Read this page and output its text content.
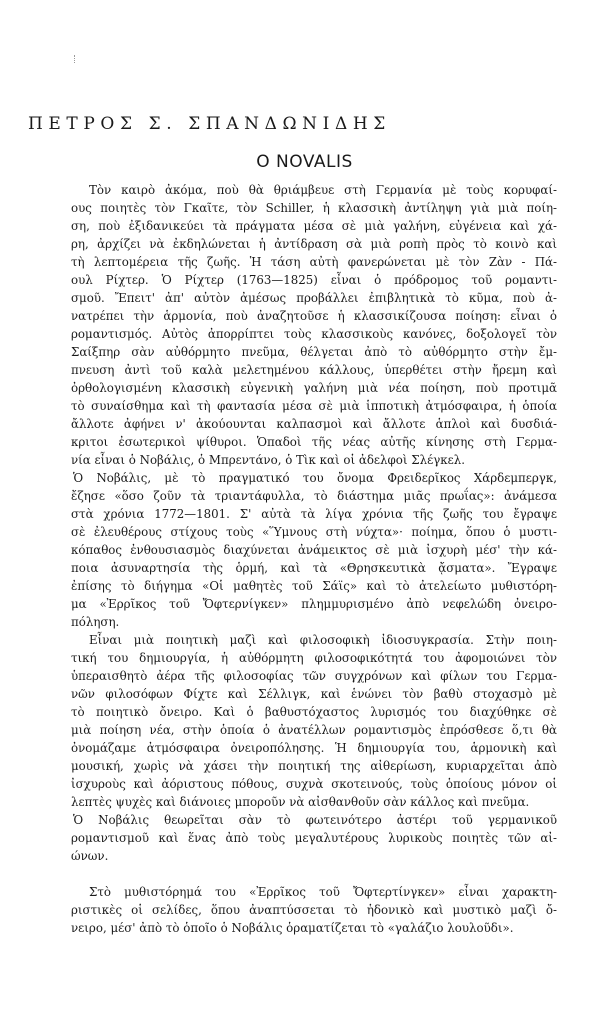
ΠΕΤΡΟΣ Σ. ΣΠΑΝΔΩΝΙΔΗΣ
O NOVALIS
Τὸν καιρὸ ἀκόμα, ποὺ θὰ θριάμβευε στὴ Γερμανία μὲ τοὺς κορυφαί-
ους ποιητὲς τὸν Γκαῖτε, τὸν Schiller, ἡ κλασσικὴ ἀντίληψη γιὰ μιὰ ποίη-
ση, ποὺ ἐξιδανικεύει τὰ πράγματα μέσα σὲ μιὰ γαλήνη, εὐγένεια καὶ χά-
ρη, ἀρχίζει νὰ ἐκδηλώνεται ἡ ἀντίδραση σὰ μιὰ ροπὴ πρὸς τὸ κοινὸ καὶ
τὴ λεπτομέρεια τῆς ζωῆς. Ἡ τάση αὐτὴ φανερώνεται μὲ τὸν Ζὰν - Πά-
ουλ Ρίχτερ. Ὁ Ρίχτερ (1763—1825) εἶναι ὁ πρόδρομος τοῦ ρομαντι-
σμοῦ. Ἔπειτ' ἀπ' αὐτὸν ἀμέσως προβάλλει ἐπιβλητικὰ τὸ κῦμα, ποὺ ἀ-
νατρέπει τὴν ἁρμονία, ποὺ ἀναζητοῦσε ἡ κλασσικίζουσα ποίηση: εἶναι ὁ
ρομαντισμός. Αὐτὸς ἀπορρίπτει τοὺς κλασσικοὺς κανόνες, δοξολογεῖ τὸν
Σαίξπηρ σὰν αὐθόρμητο πνεῦμα, θέλγεται ἀπὸ τὸ αὐθόρμητο στὴν ἔμ-
πνευση ἀντὶ τοῦ καλὰ μελετημένου κάλλους, ὑπερθέτει στὴν ἤρεμη καὶ
ὀρθολογισμένη κλασσικὴ εὐγενικὴ γαλήνη μιὰ νέα ποίηση, ποὺ προτιμᾶ
τὸ συναίσθημα καὶ τὴ φαντασία μέσα σὲ μιὰ ἱπποτικὴ ἀτμόσφαιρα, ἡ ὁποία
ἄλλοτε ἀφήνει ν' ἀκούουνται καλπασμοὶ καὶ ἄλλοτε ἁπλοὶ καὶ δυσδιά-
κριτοι ἐσωτερικοὶ ψίθυροι. Ὁπαδοὶ τῆς νέας αὐτῆς κίνησης στὴ Γερμα-
νία εἶναι ὁ Νοβάλις, ὁ Μπρεντάνο, ὁ Τὶκ καὶ οἱ ἀδελφοὶ Σλέγκελ.
Ὁ Νοβάλις, μὲ τὸ πραγματικό του ὄνομα Φρειδερῖκος Χάρδεμπεργκ,
ἔζησε «ὅσο ζοῦν τὰ τριαντάφυλλα, τὸ διάστημα μιᾶς πρωΐας»: ἀνάμεσα
στὰ χρόνια 1772—1801. Σ' αὐτὰ τὰ λίγα χρόνια τῆς ζωῆς του ἔγραψε
σὲ ἐλευθέρους στίχους τοὺς «Ὕμνους στὴ νύχτα»· ποίημα, ὅπου ὁ μυστι-
κόπαθος ἐνθουσιασμὸς διαχύνεται ἀνάμεικτος σὲ μιὰ ἰσχυρὴ μέσ' τὴν κά-
ποια ἀσυναρτησία τὴς ὁρμή, καὶ τὰ «Θρησκευτικὰ ᾄσματα». Ἔγραψε
ἐπίσης τὸ διήγημα «Οἱ μαθητὲς τοῦ Σάϊς» καὶ τὸ ἀτελείωτο μυθιστόρη-
μα «Ἐρρῖκος τοῦ Ὄφτερνίγκεν» πλημμυρισμένο ἀπὸ νεφελώδη ὀνειρο-
πόληση.
Εἶναι μιὰ ποιητικὴ μαζὶ καὶ φιλοσοφικὴ ἰδιοσυγκρασία. Στὴν ποιη-
τική του δημιουργία, ἡ αὐθόρμητη φιλοσοφικότητά του ἀφομοιώνει τὸν
ὑπεραισθητὸ ἀέρα τῆς φιλοσοφίας τῶν συγχρόνων καὶ φίλων του Γερμα-
νῶν φιλοσόφων Φίχτε καὶ Σέλλιγκ, καὶ ἑνώνει τὸν βαθὺ στοχασμὸ μὲ
τὸ ποιητικὸ ὄνειρο. Καὶ ὁ βαθυστόχαστος λυρισμός του διαχύθηκε σὲ
μιὰ ποίηση νέα, στὴν ὁποία ὁ ἀνατέλλων ρομαντισμὸς ἐπρόσθεσε ὅ,τι θὰ
ὀνομάζαμε ἀτμόσφαιρα ὀνειροπόλησης. Ἡ δημιουργία του, ἁρμονικὴ καὶ
μουσική, χωρὶς νὰ χάσει τὴν ποιητική της αἰθερίωση, κυριαρχεῖται ἀπὸ
ἰσχυροὺς καὶ ἀόριστους πόθους, συχνὰ σκοτεινούς, τοὺς ὁποίους μόνον οἱ
λεπτὲς ψυχὲς καὶ διάνοιες μποροῦν νὰ αἰσθανθοῦν σὰν κάλλος καὶ πνεῦμα.
Ὁ Νοβάλις θεωρεῖται σὰν τὸ φωτεινότερο ἀστέρι τοῦ γερμανικοῦ
ρομαντισμοῦ καὶ ἕνας ἀπὸ τοὺς μεγαλυτέρους λυρικοὺς ποιητὲς τῶν αἰ-
ώνων.
Στὸ μυθιστόρημά του «Ἐρρῖκος τοῦ Ὄφτερτίνγκεν» εἶναι χαρακτη-
ριστικὲς οἱ σελίδες, ὅπου ἀναπτύσσεται τὸ ἡδονικὸ καὶ μυστικὸ μαζὶ ὄ-
νειρο, μέσ' ἀπὸ τὸ ὁποῖο ὁ Νοβάλις ὁραματίζεται τὸ «γαλάζιο λουλοῦδι».
